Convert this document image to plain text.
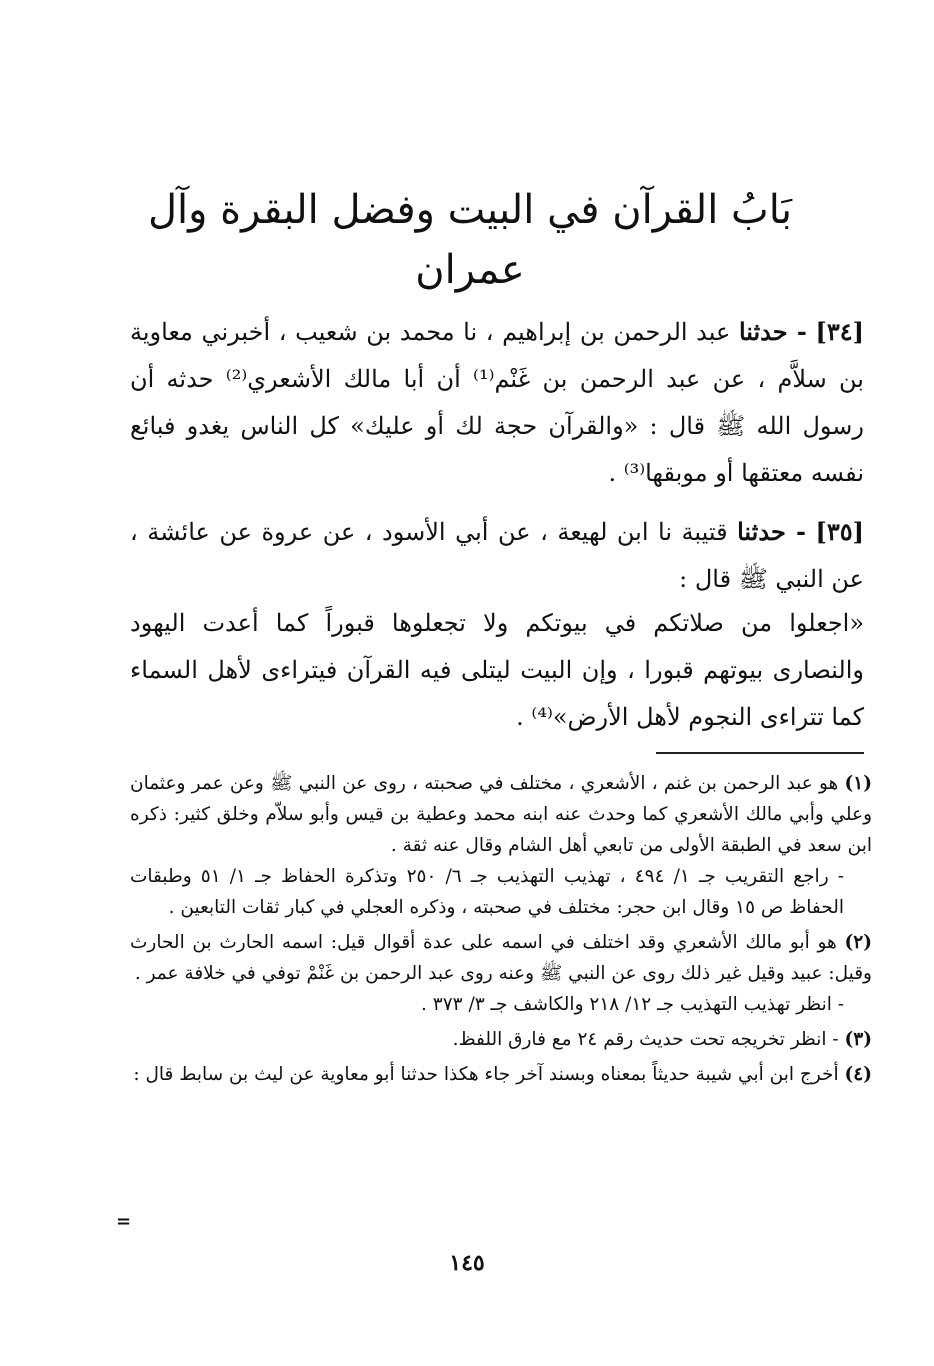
بَابُ القرآن في البيت وفضل البقرة وآل عمران

[٣٤] - حدثنا عبد الرحمن بن إبراهيم ، نا محمد بن شعيب ، أخبرني معاوية بن سلاَّم ، عن عبد الرحمن بن غَنْم⁽¹⁾ أن أبا مالك الأشعري⁽²⁾ حدثه أن رسول الله ﷺ قال : «والقرآن حجة لك أو عليك» كل الناس يغدو فبائع نفسه معتقها أو موبقها⁽³⁾ .

[٣٥] - حدثنا قتيبة نا ابن لهيعة ، عن أبي الأسود ، عن عروة عن عائشة ، عن النبي ﷺ قال :

«اجعلوا من صلاتكم في بيوتكم ولا تجعلوها قبوراً كما أعدت اليهود والنصارى بيوتهم قبورا ، وإن البيت ليتلى فيه القرآن فيتراءى لأهل السماء كما تتراءى النجوم لأهل الأرض»⁽⁴⁾ .

(١) هو عبد الرحمن بن غنم ، الأشعري ، مختلف في صحبته ، روى عن النبي ﷺ وعن عمر وعثمان وعلي وأبي مالك الأشعري كما وحدث عنه ابنه محمد وعطية بن قيس وأبو سلاّم وخلق كثير: ذكره ابن سعد في الطبقة الأولى من تابعي أهل الشام وقال عنه ثقة .

- راجع التقريب جـ ١/ ٤٩٤ ، تهذيب التهذيب جـ ٦/ ٢٥٠ وتذكرة الحفاظ جـ ١/ ٥١ وطبقات الحفاظ ص ١٥ وقال ابن حجر: مختلف في صحبته ، وذكره العجلي في كبار ثقات التابعين .

(٢) هو أبو مالك الأشعري وقد اختلف في اسمه على عدة أقوال قيل: اسمه الحارث بن الحارث وقيل: عبيد وقيل غير ذلك روى عن النبي ﷺ وعنه روى عبد الرحمن بن غَنْمْ توفي في خلافة عمر .

- انظر تهذيب التهذيب جـ ١٢/ ٢١٨ والكاشف جـ ٣/ ٣٧٣ .

(٣) - انظر تخريجه تحت حديث رقم ٢٤ مع فارق اللفظ.
(٤) أخرج ابن أبي شيبة حديثاً بمعناه وبسند آخر جاء هكذا حدثنا أبو معاوية عن ليث بن سابط قال :
=
١٤٥
